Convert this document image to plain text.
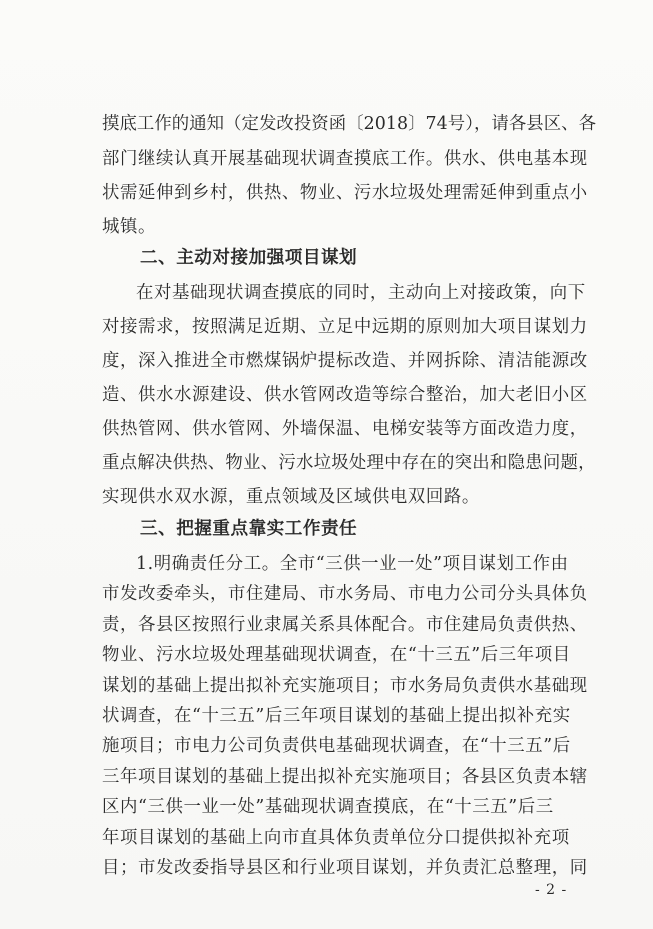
摸底工作的通知（定发改投资函〔2018〕74号），请各县区、各
部门继续认真开展基础现状调查摸底工作。供水、供电基本现
状需延伸到乡村，供热、物业、污水垃圾处理需延伸到重点小
城镇。
二、主动对接加强项目谋划
在对基础现状调查摸底的同时，主动向上对接政策，向下
对接需求，按照满足近期、立足中远期的原则加大项目谋划力
度，深入推进全市燃煤锅炉提标改造、并网拆除、清洁能源改
造、供水水源建设、供水管网改造等综合整治，加大老旧小区
供热管网、供水管网、外墙保温、电梯安装等方面改造力度，
重点解决供热、物业、污水垃圾处理中存在的突出和隐患问题，
实现供水双水源，重点领域及区域供电双回路。
三、把握重点靠实工作责任
1.明确责任分工。全市“三供一业一处”项目谋划工作由
市发改委牵头，市住建局、市水务局、市电力公司分头具体负
责，各县区按照行业隶属关系具体配合。市住建局负责供热、
物业、污水垃圾处理基础现状调查，在“十三五”后三年项目
谋划的基础上提出拟补充实施项目；市水务局负责供水基础现
状调查，在“十三五”后三年项目谋划的基础上提出拟补充实
施项目；市电力公司负责供电基础现状调查，在“十三五”后
三年项目谋划的基础上提出拟补充实施项目；各县区负责本辖
区内“三供一业一处”基础现状调查摸底，在“十三五”后三
年项目谋划的基础上向市直具体负责单位分口提供拟补充项
目；市发改委指导县区和行业项目谋划，并负责汇总整理，同
- 2 -
